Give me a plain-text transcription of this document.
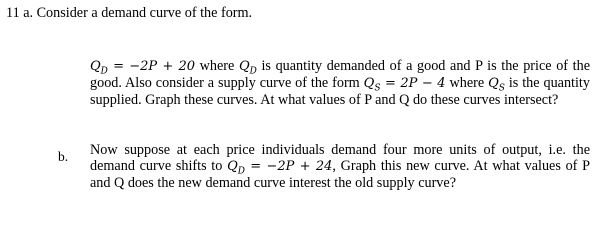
11 a. Consider a demand curve of the form.
$Q_D = -2P + 20$ where $Q_D$ is quantity demanded of a good and P is the price of the good. Also consider a supply curve of the form $Q_S = 2P - 4$ where $Q_S$ is the quantity supplied. Graph these curves. At what values of P and Q do these curves intersect?
b. Now suppose at each price individuals demand four more units of output, i.e. the demand curve shifts to $Q_D = -2P + 24$, Graph this new curve. At what values of P and Q does the new demand curve interest the old supply curve?
